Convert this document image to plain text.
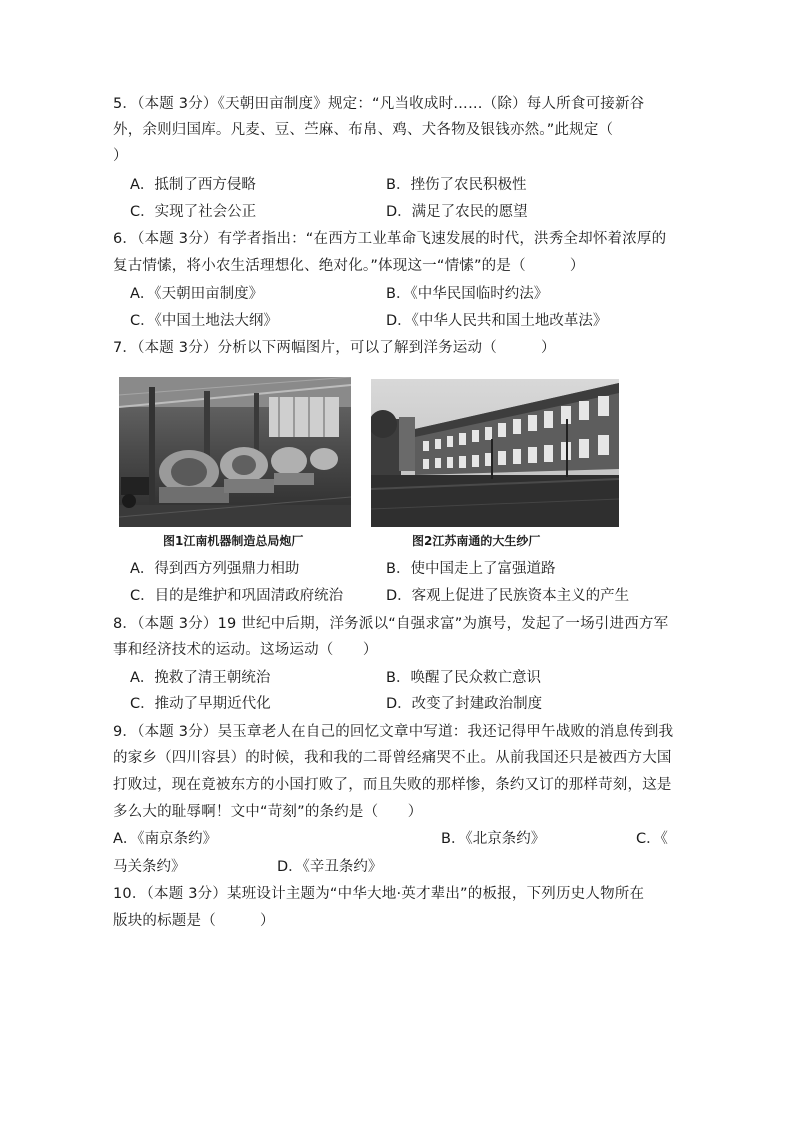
5．（本题 3分）《天朝田亩制度》规定：“凡当收成时……（除）每人所食可接新谷
外，余则归国库。凡麦、豆、苎麻、布帛、鸡、犬各物及银钱亦然。”此规定（
）
A．抵制了西方侵略	B．挫伤了农民积极性
C．实现了社会公正	D．满足了农民的愿望
6．（本题 3分）有学者指出：“在西方工业革命飞速发展的时代，洪秀全却怀着浓厚的
复古情愫，将小农生活理想化、绝对化。”体现这一“情愫”的是（　　　）
A．《天朝田亩制度》	B．《中华民国临时约法》
C．《中国土地法大纲》	D．《中华人民共和国土地改革法》
7．（本题 3分）分析以下两幅图片，可以了解到洋务运动（　　　）
图1江南机器制造总局炮厂	图2江苏南通的大生纱厂
A．得到西方列强鼎力相助	B．使中国走上了富强道路
C．目的是维护和巩固清政府统治	D．客观上促进了民族资本主义的产生
8．（本题 3分）19 世纪中后期，洋务派以“自强求富”为旗号，发起了一场引进西方军
事和经济技术的运动。这场运动（　　）
A．挽救了清王朝统治	B．唤醒了民众救亡意识
C．推动了早期近代化	D．改变了封建政治制度
9．（本题 3分）吴玉章老人在自己的回忆文章中写道：我还记得甲午战败的消息传到我
的家乡（四川容县）的时候，我和我的二哥曾经痛哭不止。从前我国还只是被西方大国
打败过，现在竟被东方的小国打败了，而且失败的那样惨，条约又订的那样苛刻，这是
多么大的耻辱啊！文中“苛刻”的条约是（　　）
A．《南京条约》	B．《北京条约》	C．《
马关条约》	D．《辛丑条约》
10．（本题 3分）某班设计主题为“中华大地·英才辈出”的板报，下列历史人物所在
版块的标题是（　　　）
